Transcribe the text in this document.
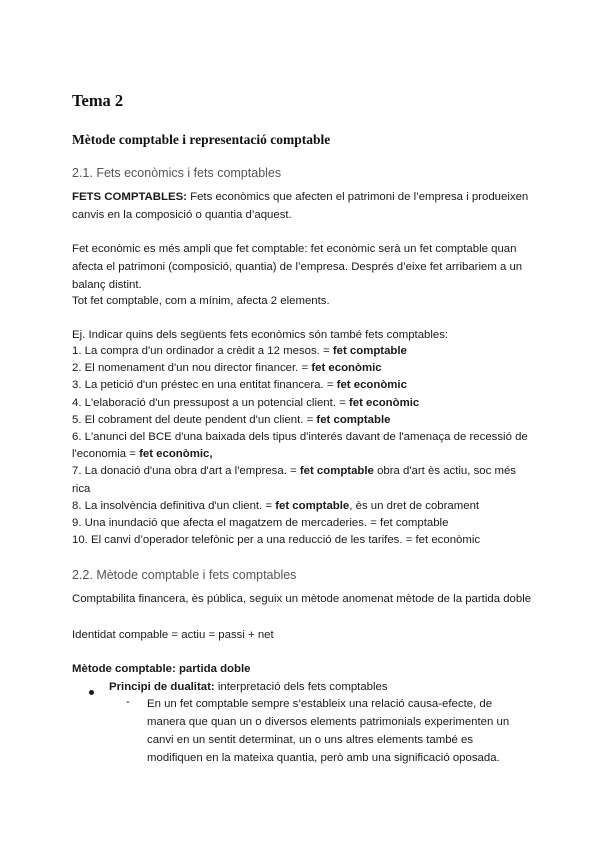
Tema 2
Mètode comptable i representació comptable
2.1. Fets econòmics i fets comptables
FETS COMPTABLES: Fets econòmics que afecten el patrimoni de l’empresa i produeixen canvis en la composició o quantia d’aquest.
Fet econòmic es més ampli que fet comptable: fet econòmic serà un fet comptable quan afecta el patrimoni (composició, quantia) de l’empresa. Després d’eixe fet arribariem a un balanç distint.
Tot fet comptable, com a mínim, afecta 2 elements.
Ej. Indicar quins dels següents fets econòmics són també fets comptables:
1. La compra d'un ordinador a crèdit a 12 mesos. = fet comptable
2. El nomenament d'un nou director financer. = fet econòmic
3. La petició d'un préstec en una entitat financera. = fet econòmic
4. L'elaboració d'un pressupost a un potencial client. = fet econòmic
5. El cobrament del deute pendent d'un client. = fet comptable
6. L'anunci del BCE d'una baixada dels tipus d'interés davant de l'amenaça de recessió de l'economia = fet econòmic,
7. La donació d'una obra d'art a l'empresa. = fet comptable obra d'art ès actiu, soc més rica
8. La insolvència definitiva d'un client. = fet comptable, ès un dret de cobrament
9. Una inundació que afecta el magatzem de mercaderies. = fet comptable
10. El canvi d’operador telefònic per a una reducció de les tarifes. = fet econòmic
2.2. Mètode comptable i fets comptables
Comptabilita financera, ès pública, seguix un mètode anomenat mètode de la partida doble
Identidat compable = actiu = passi + net
Mètode comptable: partida doble
Principi de dualitat: interpretació dels fets comptables
- En un fet comptable sempre s’estableix una relació causa-efecte, de manera que quan un o diversos elements patrimonials experimenten un canvi en un sentit determinat, un o uns altres elements també es modifiquen en la mateixa quantia, però amb una significació oposada.
